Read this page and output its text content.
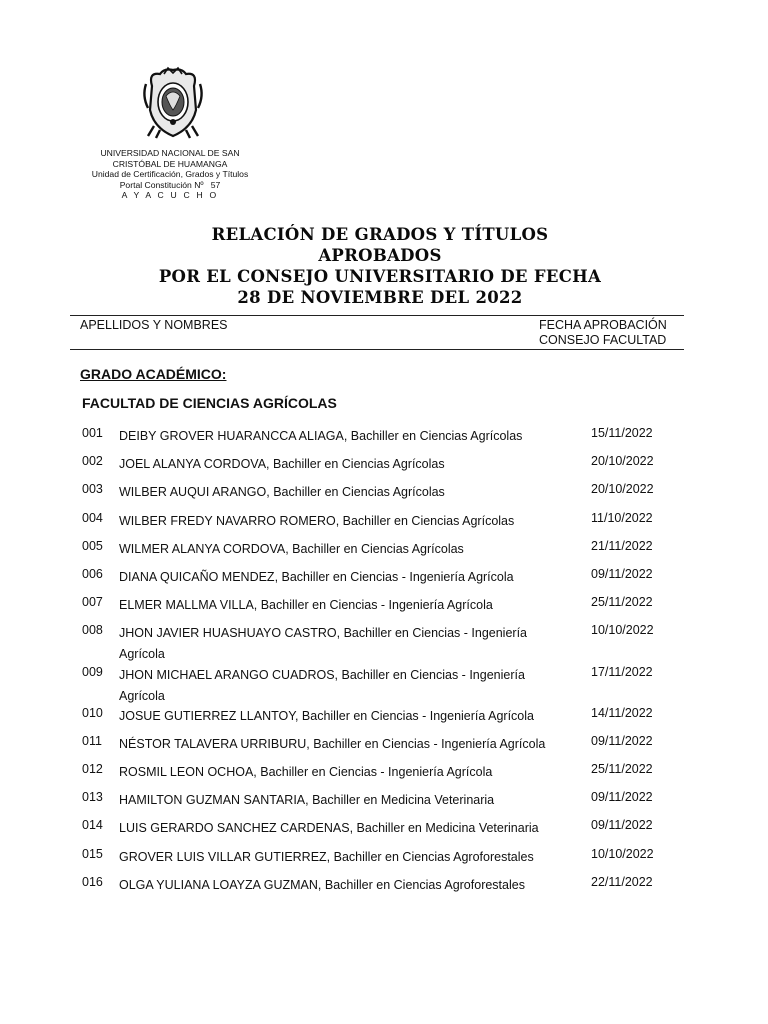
UNIVERSIDAD NACIONAL DE SAN
CRISTÓBAL DE HUAMANGA
Unidad de Certificación, Grados y Títulos
Portal Constitución Nº   57
A Y A C U C H O
RELACIÓN DE GRADOS Y TÍTULOS APROBADOS
POR EL CONSEJO UNIVERSITARIO DE FECHA
28 DE NOVIEMBRE DEL 2022
APELLIDOS Y NOMBRES	FECHA APROBACIÓN
CONSEJO FACULTAD
GRADO ACADÉMICO:
FACULTAD DE CIENCIAS AGRÍCOLAS
001 DEIBY GROVER HUARANCCA ALIAGA, Bachiller en Ciencias Agrícolas	15/11/2022
002 JOEL ALANYA CORDOVA, Bachiller en Ciencias Agrícolas	20/10/2022
003 WILBER AUQUI ARANGO, Bachiller en Ciencias Agrícolas	20/10/2022
004 WILBER FREDY NAVARRO ROMERO, Bachiller en Ciencias Agrícolas	11/10/2022
005 WILMER ALANYA CORDOVA, Bachiller en Ciencias Agrícolas	21/11/2022
006 DIANA QUICAÑO MENDEZ, Bachiller en Ciencias - Ingeniería Agrícola	09/11/2022
007 ELMER MALLMA VILLA, Bachiller en Ciencias - Ingeniería Agrícola	25/11/2022
008 JHON JAVIER HUASHUAYO CASTRO, Bachiller en Ciencias - Ingeniería Agrícola
10/10/2022
009 JHON MICHAEL ARANGO CUADROS, Bachiller en Ciencias - Ingeniería Agrícola
17/11/2022
010 JOSUE GUTIERREZ LLANTOY, Bachiller en Ciencias - Ingeniería Agrícola	14/11/2022
011 NÉSTOR TALAVERA URRIBURU, Bachiller en Ciencias - Ingeniería Agrícola	09/11/2022
012 ROSMIL LEON OCHOA, Bachiller en Ciencias - Ingeniería Agrícola	25/11/2022
013 HAMILTON GUZMAN SANTARIA, Bachiller en Medicina Veterinaria	09/11/2022
014 LUIS GERARDO SANCHEZ CARDENAS, Bachiller en Medicina Veterinaria	09/11/2022
015 GROVER LUIS VILLAR GUTIERREZ, Bachiller en Ciencias Agroforestales	10/10/2022
016 OLGA YULIANA LOAYZA GUZMAN, Bachiller en Ciencias Agroforestales	22/11/2022
